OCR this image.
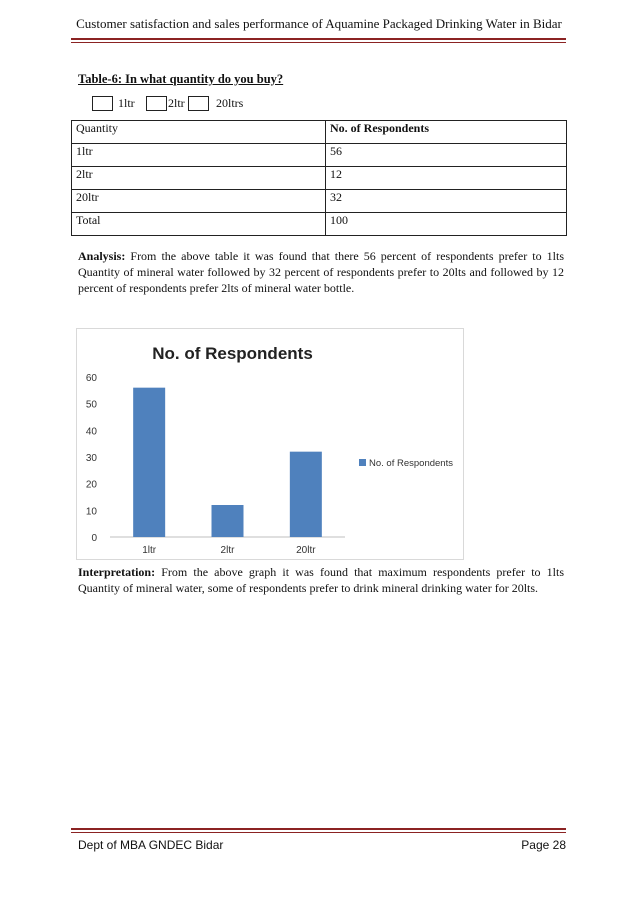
Customer satisfaction and sales performance of Aquamine Packaged Drinking Water in Bidar
Table-6: In what quantity do you buy?
1ltr	2ltr	20ltrs
Quantity	No. of Respondents
1ltr	56
2ltr	12
20ltr	32
Total	100
Analysis: From the above table it was found that there 56 percent of respondents prefer to 1lts Quantity of mineral water followed by 32 percent of respondents prefer to 20lts and followed by 12 percent of respondents prefer 2lts of mineral water bottle.
No. of Respondents
0
10
20
30
40
50
60
1ltr	2ltr	20ltr
No. of Respondents
Interpretation: From the above graph it was found that maximum respondents prefer to 1lts Quantity of mineral water, some of respondents prefer to drink mineral drinking water for 20lts.
Dept of MBA GNDEC Bidar	Page 28
